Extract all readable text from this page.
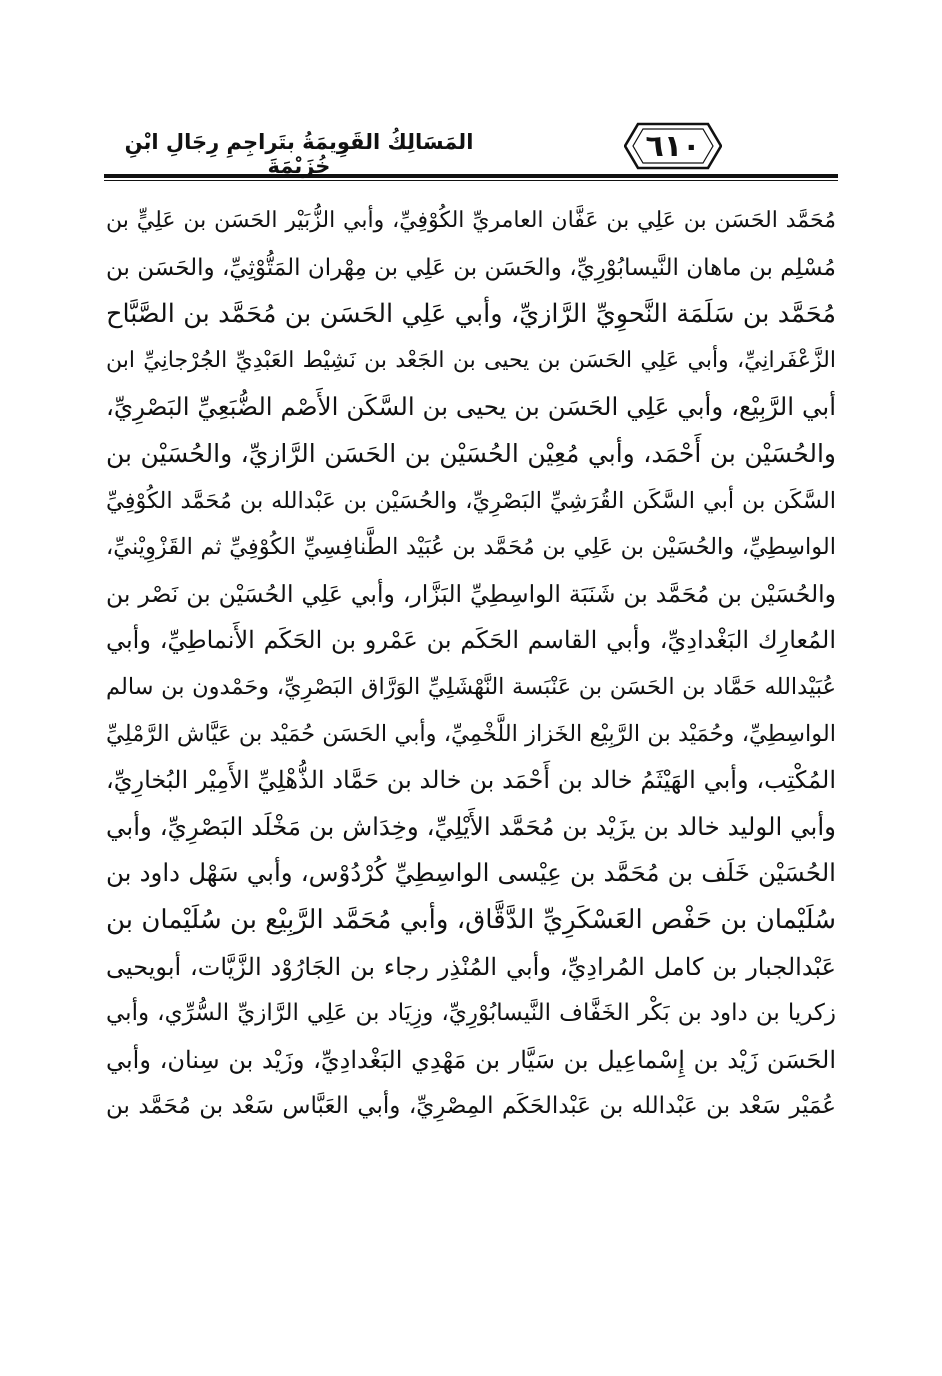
٦١٠
المَسَالِكُ القَوِيمَةُ بتَراجِمِ رِجَالِ ابْنِ خُزَيْمَةَ
مُحَمَّد الحَسَن بن عَلِي بن عَفَّان العامريِّ الكُوْفِيِّ، وأبي الزُّبَيْر الحَسَن بن عَلِيٍّ بن
مُسْلِم بن ماهان النَّيسابُوْرِيِّ، والحَسَن بن عَلِي بن مِهْران المَتُّوْثِيِّ، والحَسَن بن
مُحَمَّد بن سَلَمَة النَّحوِيِّ الرَّازيِّ، وأبي عَلِي الحَسَن بن مُحَمَّد بن الصَّبَّاح
الزَّعْفَرانِيِّ، وأبي عَلِي الحَسَن بن يحيى بن الجَعْد بن نَشِيْط العَبْدِيِّ الجُرْجانِيِّ ابن
أبي الرَّبِيْع، وأبي عَلِي الحَسَن بن يحيى بن السَّكَن الأَصْم الضُّبَعِيِّ البَصْرِيِّ،
والحُسَيْن بن أَحْمَد، وأبي مُعِيْن الحُسَيْن بن الحَسَن الرَّازيِّ، والحُسَيْن بن
السَّكَن بن أبي السَّكَن القُرَشِيِّ البَصْرِيِّ، والحُسَيْن بن عَبْدالله بن مُحَمَّد الكُوْفِيِّ
الواسِطِيِّ، والحُسَيْن بن عَلِي بن مُحَمَّد بن عُبَيْد الطَّنافِسِيِّ الكُوْفِيِّ ثم القَزْوِيْنيِّ،
والحُسَيْن بن مُحَمَّد بن شَنَبَة الواسِطِيِّ البَزَّار، وأبي عَلِي الحُسَيْن بن نَصْر بن
المُعارِك البَغْدادِيِّ، وأبي القاسم الحَكَم بن عَمْرو بن الحَكَم الأَنماطِيِّ، وأبي
عُبَيْدالله حَمَّاد بن الحَسَن بن عَنْبَسة النَّهْشَلِيِّ الوَرَّاق البَصْرِيِّ، وحَمْدون بن سالم
الواسِطِيِّ، وحُمَيْد بن الرَّبِيْع الخَزاز اللَّخْمِيِّ، وأبي الحَسَن حُمَيْد بن عَيَّاش الرَّمْلِيِّ
المُكْتِب، وأبي الهَيْثَمُ خالد بن أَحْمَد بن خالد بن حَمَّاد الذُّهْلِيِّ الأَمِيْر البُخارِيِّ،
وأبي الوليد خالد بن يزَيْد بن مُحَمَّد الأَيْلِيِّ، وخِدَاش بن مَخْلَد البَصْرِيِّ، وأبي
الحُسَيْن خَلَف بن مُحَمَّد بن عِيْسى الواسِطِيِّ كُرْدُوْس، وأبي سَهْل داود بن
سُلَيْمان بن حَفْص العَسْكَرِيِّ الدَّقَّاق، وأبي مُحَمَّد الرَّبِيْع بن سُلَيْمان بن
عَبْدالجبار بن كامل المُرادِيِّ، وأبي المُنْذِر رجاء بن الجَارُوْد الزَّيَّات، أبويحيى
زكريا بن داود بن بَكْر الخَفَّاف النَّيسابُوْرِيِّ، وزِيَاد بن عَلِي الرَّازيِّ السُّرِّي، وأبي
الحَسَن زَيْد بن إِسْماعِيل بن سَيَّار بن مَهْدِي البَغْدادِيِّ، وزَيْد بن سِنان، وأبي
عُمَيْر سَعْد بن عَبْدالله بن عَبْدالحَكَم المِصْرِيِّ، وأبي العَبَّاس سَعْد بن مُحَمَّد بن
